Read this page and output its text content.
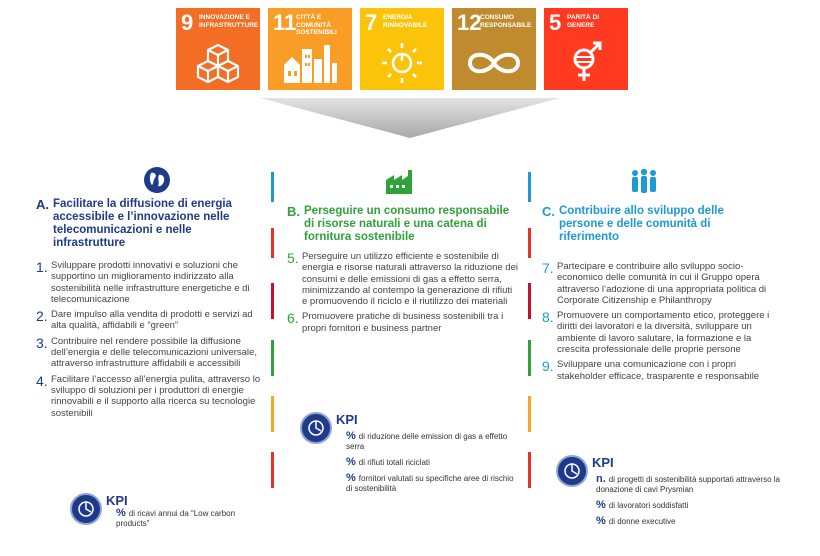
9 INNOVAZIONE E INFRASTRUTTURE 11 CITTÀ E COMUNITÀ SOSTENIBILI	7 ENERGIA RINNOVABILE	12
CONSUMO RESPONSABILE 5 PARITÀ DI GENERE
A. Facilitare la diffusione di energia accessibile e l’innovazione nelle telecomunicazioni e nelle infrastrutture
1. Sviluppare prodotti innovativi e soluzioni che supportino un miglioramento indirizzato alla sostenibilità nelle infrastrutture energetiche e di telecomunicazione
2. Dare impulso alla vendita di prodotti e servizi ad alta qualità, affidabili e “green”
3. Contribuire nel rendere possibile la diffusione dell’energia e delle telecomunicazioni universale, attraverso infrastrutture affidabili e accessibili
4. Facilitare l’accesso all’energia pulita, attraverso lo sviluppo di soluzioni per i produttori di energie rinnovabili e il supporto alla ricerca su tecnologie sostenibili
KPI
% di ricavi annui da “Low carbon products”
B. Perseguire un consumo responsabile di risorse naturali e una catena di fornitura sostenibile
5. Perseguire un utilizzo efficiente e sostenibile di energia e risorse naturali attraverso la riduzione dei consumi e delle emissioni di gas a effetto serra, minimizzando al contempo la generazione di rifiuti e promuovendo il riciclo e il riutilizzo dei materiali
6. Promuovere pratiche di business sostenibili tra i propri fornitori e business partner
KPI
% di riduzione delle emission di gas a effetto serra
% di rifiuti totali riciclati
% fornitori valutati su specifiche aree di rischio di sostenibilità
C. Contribuire allo sviluppo delle persone e delle comunità di riferimento
7. Partecipare e contribuire allo sviluppo socio-economico delle comunità in cui il Gruppo opera attraverso l’adozione di una appropriata politica di Corporate Citizenship e Philanthropy
8. Promuovere un comportamento etico, proteggere i diritti dei lavoratori e la diversità, sviluppare un ambiente di lavoro salutare, la formazione e la crescita professionale delle proprie persone
9. Sviluppare una comunicazione con i propri stakeholder efficace, trasparente e responsabile
KPI
n. di progetti di sostenibilità supportati attraverso la donazione di cavi Prysmian
% di lavoratori soddisfatti
% di donne executive
